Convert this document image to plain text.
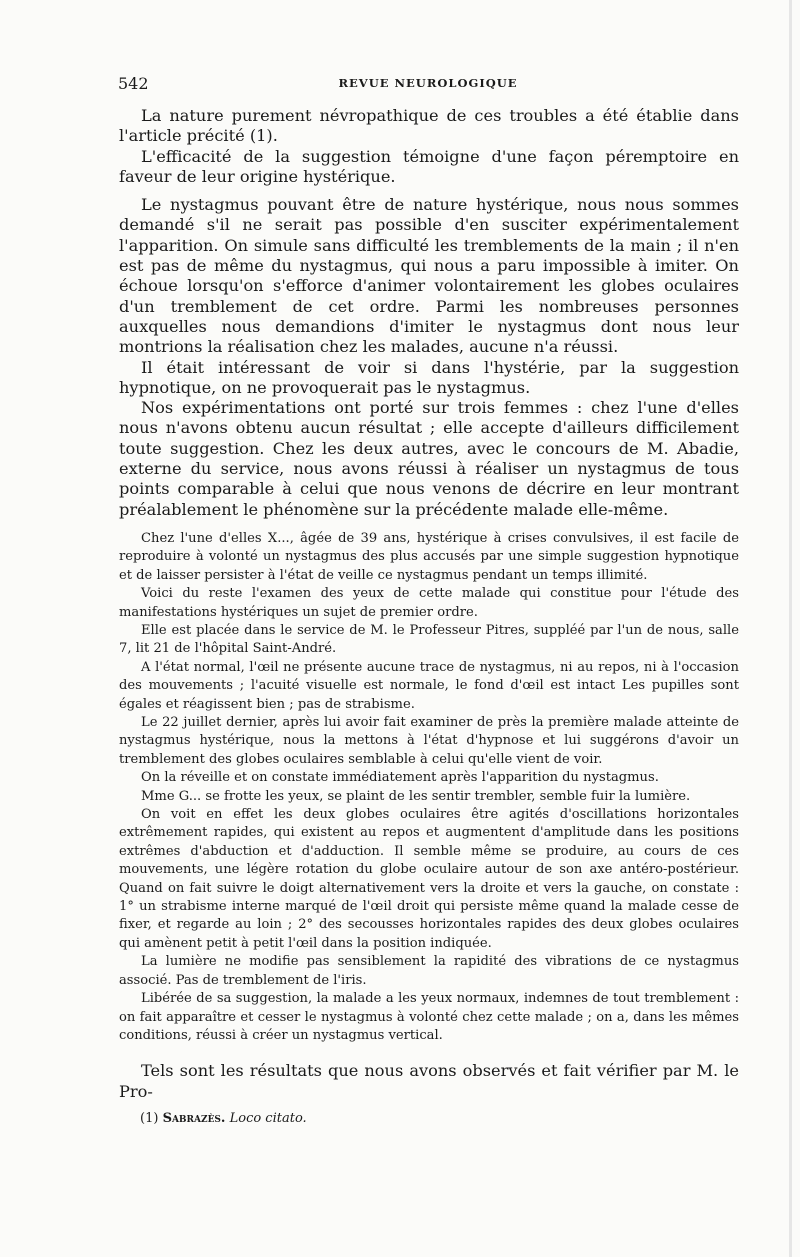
542	REVUE NEUROLOGIQUE

La nature purement névropathique de ces troubles a été établie dans l'article précité (1).

L'efficacité de la suggestion témoigne d'une façon péremptoire en faveur de leur origine hystérique.

Le nystagmus pouvant être de nature hystérique, nous nous sommes demandé s'il ne serait pas possible d'en susciter expérimentalement l'apparition. On simule sans difficulté les tremblements de la main ; il n'en est pas de même du nystagmus, qui nous a paru impossible à imiter. On échoue lorsqu'on s'efforce d'animer volontairement les globes oculaires d'un tremblement de cet ordre. Parmi les nombreuses personnes auxquelles nous demandions d'imiter le nystagmus dont nous leur montrions la réalisation chez les malades, aucune n'a réussi.

Il était intéressant de voir si dans l'hystérie, par la suggestion hypnotique, on ne provoquerait pas le nystagmus.

Nos expérimentations ont porté sur trois femmes : chez l'une d'elles nous n'avons obtenu aucun résultat ; elle accepte d'ailleurs difficilement toute suggestion. Chez les deux autres, avec le concours de M. Abadie, externe du service, nous avons réussi à réaliser un nystagmus de tous points comparable à celui que nous venons de décrire en leur montrant préalablement le phénomène sur la précédente malade elle-même.

Chez l'une d'elles X..., âgée de 39 ans, hystérique à crises convulsives, il est facile de reproduire à volonté un nystagmus des plus accusés par une simple suggestion hypnotique et de laisser persister à l'état de veille ce nystagmus pendant un temps illimité.

Voici du reste l'examen des yeux de cette malade qui constitue pour l'étude des manifestations hystériques un sujet de premier ordre.

Elle est placée dans le service de M. le Professeur Pitres, suppléé par l'un de nous, salle 7, lit 21 de l'hôpital Saint-André.

A l'état normal, l'œil ne présente aucune trace de nystagmus, ni au repos, ni à l'occasion des mouvements ; l'acuité visuelle est normale, le fond d'œil est intact Les pupilles sont égales et réagissent bien ; pas de strabisme.

Le 22 juillet dernier, après lui avoir fait examiner de près la première malade atteinte de nystagmus hystérique, nous la mettons à l'état d'hypnose et lui suggérons d'avoir un tremblement des globes oculaires semblable à celui qu'elle vient de voir.

On la réveille et on constate immédiatement après l'apparition du nystagmus.

Mme G... se frotte les yeux, se plaint de les sentir trembler, semble fuir la lumière.

On voit en effet les deux globes oculaires être agités d'oscillations horizontales extrêmement rapides, qui existent au repos et augmentent d'amplitude dans les positions extrêmes d'abduction et d'adduction. Il semble même se produire, au cours de ces mouvements, une légère rotation du globe oculaire autour de son axe antéro-postérieur. Quand on fait suivre le doigt alternativement vers la droite et vers la gauche, on constate : 1° un strabisme interne marqué de l'œil droit qui persiste même quand la malade cesse de fixer, et regarde au loin ; 2° des secousses horizontales rapides des deux globes oculaires qui amènent petit à petit l'œil dans la position indiquée.

La lumière ne modifie pas sensiblement la rapidité des vibrations de ce nystagmus associé. Pas de tremblement de l'iris.

Libérée de sa suggestion, la malade a les yeux normaux, indemnes de tout tremblement : on fait apparaître et cesser le nystagmus à volonté chez cette malade ; on a, dans les mêmes conditions, réussi à créer un nystagmus vertical.

Tels sont les résultats que nous avons observés et fait vérifier par M. le Pro-

(1) Sabrazès. Loco citato.
